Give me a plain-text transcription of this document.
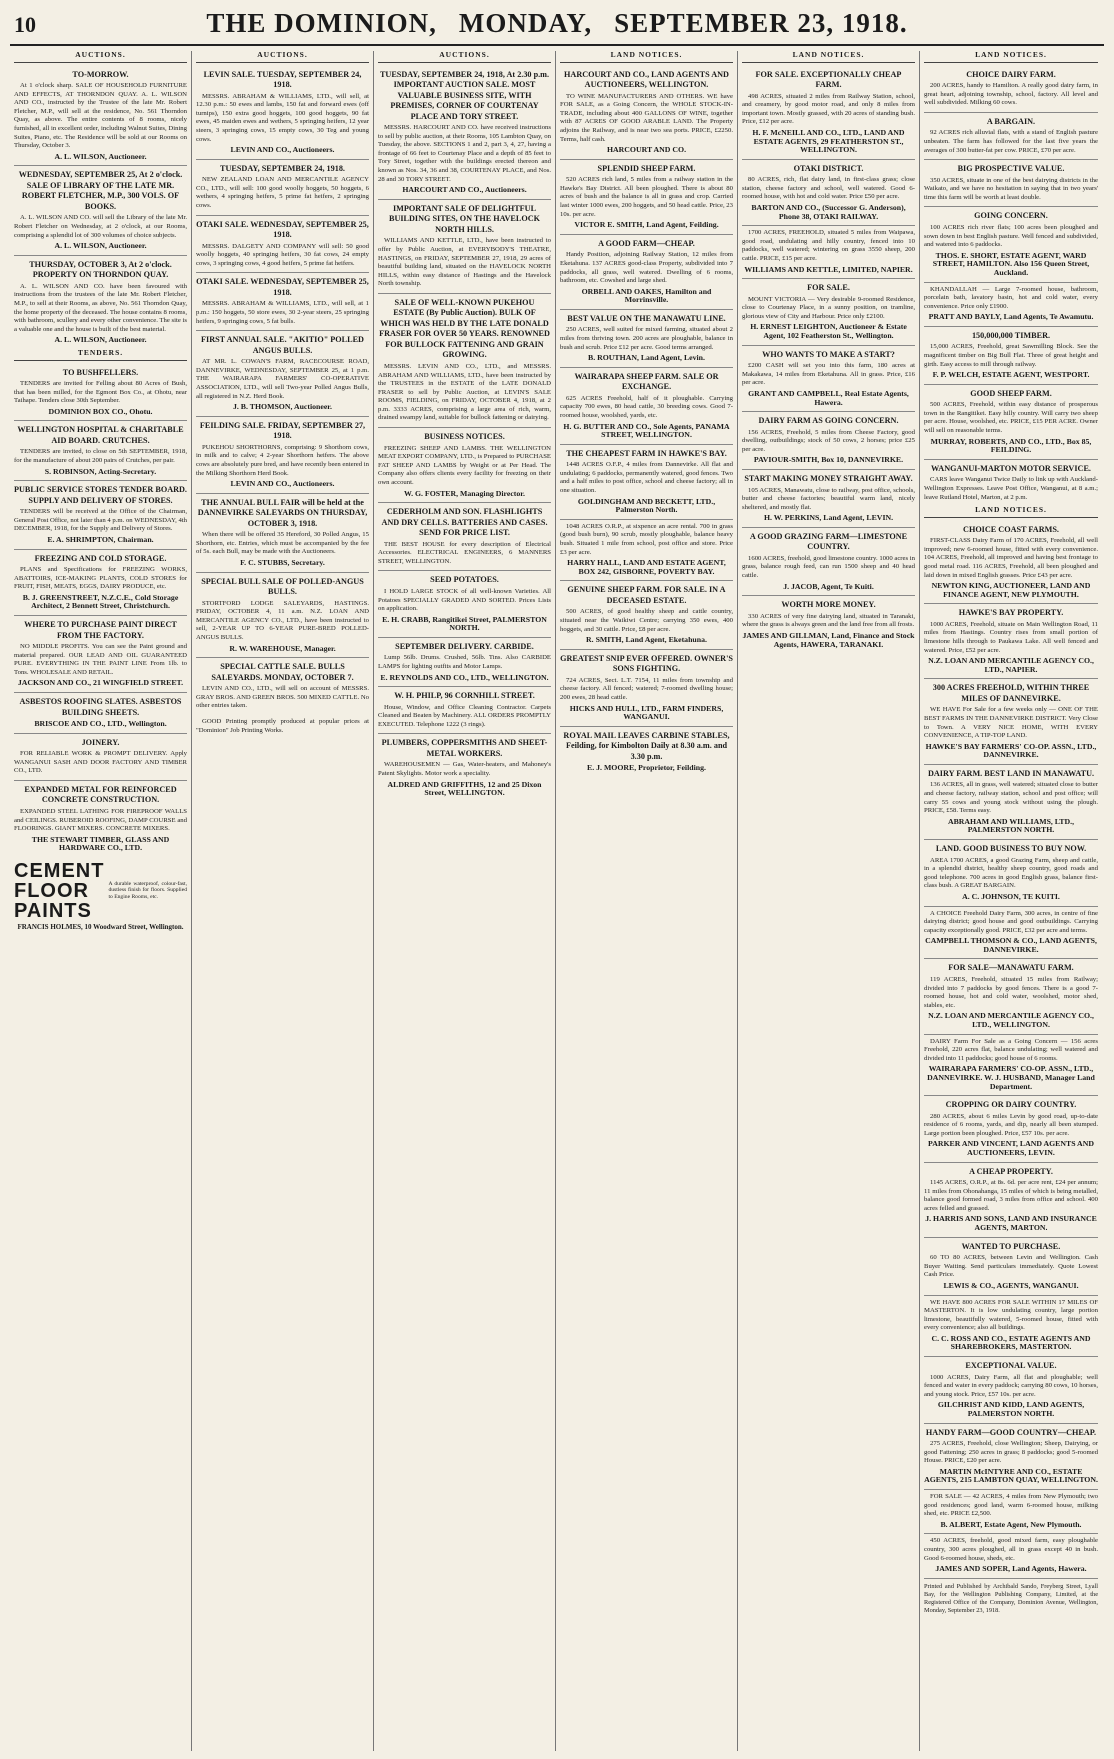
10	THE DOMINION, MONDAY, SEPTEMBER 23, 1918.
AUCTIONS.
TO-MORROW.
At 1 o'clock sharp. SALE OF HOUSEHOLD FURNITURE AND EFFECTS, AT THORNDON QUAY. A. L. WILSON AND CO., instructed by the Trustee of the late Mr. Robert Fletcher, M.P., will sell at the residence, No. 561 Thorndon Quay, as above. The entire contents of 8 rooms, nicely furnished, all in excellent order, including Walnut Suites, Dining Suites, Piano, etc. The Residence will be sold at our Rooms on Thursday, October 3.
A. L. WILSON, Auctioneer.
WEDNESDAY, SEPTEMBER 25, At 2 o'clock. SALE OF LIBRARY OF THE LATE MR. ROBERT FLETCHER, M.P., 300 VOLS. OF BOOKS.
A. L. WILSON AND CO. will sell the Library of the late Mr. Robert Fletcher on Wednesday, at 2 o'clock, at our Rooms, comprising a splendid lot of 300 volumes of choice subjects.
A. L. WILSON, Auctioneer.
THURSDAY, OCTOBER 3, At 2 o'clock. PROPERTY ON THORNDON QUAY.
A. L. WILSON AND CO. have been favoured with instructions from the trustees of the late Mr. Robert Fletcher, M.P., to sell at their Rooms, as above, No. 561 Thorndon Quay, the home property of the deceased. The house contains 8 rooms, with bathroom, scullery and every other convenience. The site is a valuable one and the house is built of the best material.
A. L. WILSON, Auctioneer.
TENDERS.
TO BUSHFELLERS.
TENDERS are invited for Felling about 80 Acres of Bush, that has been milled, for the Egmont Box Co., at Ohotu, near Taihape. Tenders close 30th September.
DOMINION BOX CO., Ohotu.
WELLINGTON HOSPITAL & CHARITABLE AID BOARD. CRUTCHES.
TENDERS are invited, to close on 5th SEPTEMBER, 1918, for the manufacture of about 200 pairs of Crutches, per pair.
S. ROBINSON, Acting-Secretary.
PUBLIC SERVICE STORES TENDER BOARD. SUPPLY AND DELIVERY OF STORES.
TENDERS will be received at the Office of the Chairman, General Post Office, not later than 4 p.m. on WEDNESDAY, 4th DECEMBER, 1918, for the Supply and Delivery of Stores.
E. A. SHRIMPTON, Chairman.
FREEZING AND COLD STORAGE.
PLANS and Specifications for FREEZING WORKS, ABATTOIRS, ICE-MAKING PLANTS, COLD STORES for FRUIT, FISH, MEATS, EGGS, DAIRY PRODUCE, etc.
B. J. GREENSTREET, N.Z.C.E., Cold Storage Architect, 2 Bennett Street, Christchurch.
WHERE TO PURCHASE PAINT DIRECT FROM THE FACTORY.
NO MIDDLE PROFITS. You can see the Paint ground and material prepared. OUR LEAD AND OIL GUARANTEED PURE. EVERYTHING IN THE PAINT LINE From 1lb. to Tons. WHOLESALE AND RETAIL.
JACKSON AND CO., 21 WINGFIELD STREET.
ASBESTOS ROOFING SLATES. ASBESTOS BUILDING SHEETS.
BRISCOE AND CO., LTD., Wellington.
JOINERY.
FOR RELIABLE WORK & PROMPT DELIVERY. Apply WANGANUI SASH AND DOOR FACTORY AND TIMBER CO., LTD.
EXPANDED METAL FOR REINFORCED CONCRETE CONSTRUCTION.
EXPANDED STEEL LATHING FOR FIREPROOF WALLS and CEILINGS. RUBEROID ROOFING, DAMP COURSE and FLOORINGS. GIANT MIXERS. CONCRETE MIXERS.
THE STEWART TIMBER, GLASS AND HARDWARE CO., LTD.
CEMENT
FLOOR
PAINTS
A durable waterproof, colour-fast, dustless finish for floors. Supplied to Engine Rooms, etc.
FRANCIS HOLMES, 10 Woodward Street, Wellington.
AUCTIONS.
LEVIN SALE. TUESDAY, SEPTEMBER 24, 1918.
MESSRS. ABRAHAM & WILLIAMS, LTD., will sell, at 12.30 p.m.: 50 ewes and lambs, 150 fat and forward ewes (off turnips), 150 extra good hoggets, 100 good hoggets, 90 fat ewes, 45 maiden ewes and wethers, 5 springing heifers, 12 year steers, 3 springing cows, 15 empty cows, 30 Teg and young cows.
LEVIN AND CO., Auctioneers.
TUESDAY, SEPTEMBER 24, 1918.
NEW ZEALAND LOAN AND MERCANTILE AGENCY CO., LTD., will sell: 100 good woolly hoggets, 50 hoggets, 6 wethers, 4 springing heifers, 5 prime fat heifers, 2 springing cows.
OTAKI SALE. WEDNESDAY, SEPTEMBER 25, 1918.
MESSRS. DALGETY AND COMPANY will sell: 50 good woolly hoggets, 40 springing heifers, 30 fat cows, 24 empty cows, 3 springing cows, 4 good heifers, 5 prime fat heifers.
OTAKI SALE. WEDNESDAY, SEPTEMBER 25, 1918.
MESSRS. ABRAHAM & WILLIAMS, LTD., will sell, at 1 p.m.: 150 hoggets, 50 store ewes, 30 2-year steers, 25 springing heifers, 9 springing cows, 5 fat bulls.
FIRST ANNUAL SALE. "AKITIO" POLLED ANGUS BULLS.
AT MR. L. COWAN'S FARM, RACECOURSE ROAD, DANNEVIRKE, WEDNESDAY, SEPTEMBER 25, at 1 p.m. THE WAIRARAPA FARMERS' CO-OPERATIVE ASSOCIATION, LTD., will sell Two-year Polled Angus Bulls, all registered in N.Z. Herd Book.
J. B. THOMSON, Auctioneer.
FEILDING SALE. FRIDAY, SEPTEMBER 27, 1918.
PUKEHOU SHORTHORNS, comprising: 9 Shorthorn cows, in milk and to calve; 4 2-year Shorthorn heifers. The above cows are absolutely pure bred, and have recently been entered in the Milking Shorthorn Herd Book.
LEVIN AND CO., Auctioneers.
THE ANNUAL BULL FAIR will be held at the DANNEVIRKE SALEYARDS ON THURSDAY, OCTOBER 3, 1918.
When there will be offered 35 Hereford, 30 Polled Angus, 15 Shorthorn, etc. Entries, which must be accompanied by the fee of 5s. each Bull, may be made with the Auctioneers.
F. C. STUBBS, Secretary.
SPECIAL BULL SALE OF POLLED-ANGUS BULLS.
STORTFORD LODGE SALEYARDS, HASTINGS. FRIDAY, OCTOBER 4, 11 a.m. N.Z. LOAN AND MERCANTILE AGENCY CO., LTD., have been instructed to sell, 2-YEAR UP TO 6-YEAR PURE-BRED POLLED-ANGUS BULLS.
R. W. WAREHOUSE, Manager.
SPECIAL CATTLE SALE. BULLS SALEYARDS. MONDAY, OCTOBER 7.
LEVIN AND CO., LTD., will sell on account of MESSRS. GRAY BROS. AND GREEN BROS. 500 MIXED CATTLE. No other entries taken.
GOOD Printing promptly produced at popular prices at "Dominion" Job Printing Works.
AUCTIONS.
TUESDAY, SEPTEMBER 24, 1918, At 2.30 p.m. IMPORTANT AUCTION SALE. MOST VALUABLE BUSINESS SITE, WITH PREMISES, CORNER OF COURTENAY PLACE AND TORY STREET.
MESSRS. HARCOURT AND CO. have received instructions to sell by public auction, at their Rooms, 105 Lambton Quay, on Tuesday, the above. SECTIONS 1 and 2, part 3, 4, 27, having a frontage of 66 feet to Courtenay Place and a depth of 85 feet to Tory Street, together with the buildings erected thereon and known as Nos. 34, 36 and 38, COURTENAY PLACE, and Nos. 28 and 30 TORY STREET.
HARCOURT AND CO., Auctioneers.
IMPORTANT SALE OF DELIGHTFUL BUILDING SITES, ON THE HAVELOCK NORTH HILLS.
WILLIAMS AND KETTLE, LTD., have been instructed to offer by Public Auction, at EVERYBODY'S THEATRE, HASTINGS, on FRIDAY, SEPTEMBER 27, 1918, 29 acres of beautiful building land, situated on the HAVELOCK NORTH HILLS, within easy distance of Hastings and the Havelock North township.
SALE OF WELL-KNOWN PUKEHOU ESTATE (By Public Auction). BULK OF WHICH WAS HELD BY THE LATE DONALD FRASER FOR OVER 50 YEARS. RENOWNED FOR BULLOCK FATTENING AND GRAIN GROWING.
MESSRS. LEVIN AND CO., LTD., and MESSRS. ABRAHAM AND WILLIAMS, LTD., have been instructed by the TRUSTEES in the ESTATE of the LATE DONALD FRASER to sell by Public Auction, at LEVIN'S SALE ROOMS, FIELDING, on FRIDAY, OCTOBER 4, 1918, at 2 p.m. 3333 ACRES, comprising a large area of rich, warm, drained swampy land, suitable for bullock fattening or dairying.
BUSINESS NOTICES.
FREEZING SHEEP AND LAMBS. THE WELLINGTON MEAT EXPORT COMPANY, LTD., is Prepared to PURCHASE FAT SHEEP AND LAMBS by Weight or at Per Head. The Company also offers clients every facility for freezing on their own account.
W. G. FOSTER, Managing Director.
CEDERHOLM AND SON. FLASHLIGHTS AND DRY CELLS. BATTERIES AND CASES. SEND FOR PRICE LIST.
THE BEST HOUSE for every description of Electrical Accessories. ELECTRICAL ENGINEERS, 6 MANNERS STREET, WELLINGTON.
SEED POTATOES.
I HOLD LARGE STOCK of all well-known Varieties. All Potatoes SPECIALLY GRADED AND SORTED. Prices Lists on application.
E. H. CRABB, Rangitikei Street, PALMERSTON NORTH.
SEPTEMBER DELIVERY. CARBIDE.
Lump 56lb. Drums. Crushed, 56lb. Tins. Also CARBIDE LAMPS for lighting outfits and Motor Lamps.
E. REYNOLDS AND CO., LTD., WELLINGTON.
W. H. PHILP, 96 CORNHILL STREET.
House, Window, and Office Cleaning Contractor. Carpets Cleaned and Beaten by Machinery. ALL ORDERS PROMPTLY EXECUTED. Telephone 1222 (3 rings).
PLUMBERS, COPPERSMITHS AND SHEET-METAL WORKERS.
WAREHOUSEMEN — Gas, Water-heaters, and Mahoney's Patent Skylights. Motor work a speciality.
ALDRED AND GRIFFITHS, 12 and 25 Dixon Street, WELLINGTON.
LAND NOTICES.
HARCOURT AND CO., LAND AGENTS AND AUCTIONEERS, WELLINGTON.
TO WINE MANUFACTURERS AND OTHERS. WE have FOR SALE, as a Going Concern, the WHOLE STOCK-IN-TRADE, including about 400 GALLONS OF WINE, together with 87 ACRES OF GOOD ARABLE LAND. The Property adjoins the Railway, and is near two sea ports. PRICE, £2250. Terms, half cash.
HARCOURT AND CO.
SPLENDID SHEEP FARM.
520 ACRES rich land, 5 miles from a railway station in the Hawke's Bay District. All been ploughed. There is about 80 acres of bush and the balance is all in grass and crop. Carried last winter 1000 ewes, 200 hoggets, and 50 head cattle. Price, 23 10s. per acre.
VICTOR E. SMITH, Land Agent, Feilding.
A GOOD FARM—CHEAP.
Handy Position, adjoining Railway Station, 12 miles from Eketahuna. 137 ACRES good-class Property, subdivided into 7 paddocks, all grass, well watered. Dwelling of 6 rooms, bathroom, etc. Cowshed and large shed.
ORBELL AND OAKES, Hamilton and Morrinsville.
BEST VALUE ON THE MANAWATU LINE.
250 ACRES, well suited for mixed farming, situated about 2 miles from thriving town. 200 acres are ploughable, balance in bush and scrub. Price £12 per acre. Good terms arranged.
B. ROUTHAN, Land Agent, Levin.
WAIRARAPA SHEEP FARM. SALE OR EXCHANGE.
625 ACRES Freehold, half of it ploughable. Carrying capacity 700 ewes, 80 head cattle, 30 breeding cows. Good 7-roomed house, woolshed, yards, etc.
H. G. BUTTER AND CO., Sole Agents, PANAMA STREET, WELLINGTON.
THE CHEAPEST FARM IN HAWKE'S BAY.
1448 ACRES O.F.P., 4 miles from Dannevirke. All flat and undulating; 6 paddocks, permanently watered, good fences. Two and a half miles to post office, school and cheese factory; all in one situation.
GOLDINGHAM AND BECKETT, LTD., Palmerston North.
1048 ACRES O.R.P., at sixpence an acre rental. 700 in grass (good bush burn), 90 scrub, mostly ploughable, balance heavy bush. Situated 1 mile from school, post office and store. Price £3 per acre.
HARRY HALL, LAND AND ESTATE AGENT, BOX 242, GISBORNE, POVERTY BAY.
GENUINE SHEEP FARM. FOR SALE. IN A DECEASED ESTATE.
500 ACRES, of good healthy sheep and cattle country, situated near the Waikiwi Centre; carrying 350 ewes, 400 hoggets, and 30 cattle. Price, £8 per acre.
R. SMITH, Land Agent, Eketahuna.
GREATEST SNIP EVER OFFERED. OWNER'S SONS FIGHTING.
724 ACRES, Sect. L.T. 7154, 11 miles from township and cheese factory. All fenced; watered; 7-roomed dwelling house; 200 ewes, 28 head cattle.
HICKS AND HULL, LTD., FARM FINDERS, WANGANUI.
ROYAL MAIL LEAVES CARBINE STABLES, Feilding, for Kimbolton Daily at 8.30 a.m. and 3.30 p.m.
E. J. MOORE, Proprietor, Feilding.
LAND NOTICES.
FOR SALE. EXCEPTIONALLY CHEAP FARM.
498 ACRES, situated 2 miles from Railway Station, school, and creamery, by good motor road, and only 8 miles from important town. Mostly grassed, with 20 acres of standing bush. Price, £12 per acre.
H. F. McNEILL AND CO., LTD., LAND AND ESTATE AGENTS, 29 FEATHERSTON ST., WELLINGTON.
OTAKI DISTRICT.
80 ACRES, rich, flat dairy land, in first-class grass; close station, cheese factory and school, well watered. Good 6-roomed house, with hot and cold water. Price £50 per acre.
BARTON AND CO., (Successor G. Anderson), Phone 38, OTAKI RAILWAY.
1700 ACRES, FREEHOLD, situated 5 miles from Waipawa, good road, undulating and hilly country, fenced into 10 paddocks, well watered; wintering on grass 3550 sheep, 200 cattle. PRICE, £15 per acre.
WILLIAMS AND KETTLE, LIMITED, NAPIER.
FOR SALE.
MOUNT VICTORIA — Very desirable 9-roomed Residence, close to Courtenay Place, in a sunny position, on tramline, glorious view of City and Harbour. Price only £2100.
H. ERNEST LEIGHTON, Auctioneer & Estate Agent, 102 Featherston St., Wellington.
WHO WANTS TO MAKE A START?
£200 CASH will set you into this farm, 180 acres at Makakawa, 14 miles from Eketahuna. All in grass. Price, £16 per acre.
GRANT AND CAMPBELL, Real Estate Agents, Hawera.
DAIRY FARM AS GOING CONCERN.
156 ACRES, Freehold, 5 miles from Cheese Factory, good dwelling, outbuildings; stock of 50 cows, 2 horses; price £25 per acre.
PAVIOUR-SMITH, Box 10, DANNEVIRKE.
START MAKING MONEY STRAIGHT AWAY.
105 ACRES, Manawatu, close to railway, post office, schools, butter and cheese factories; beautiful warm land, nicely sheltered, and mostly flat.
H. W. PERKINS, Land Agent, LEVIN.
A GOOD GRAZING FARM—LIMESTONE COUNTRY.
1600 ACRES, freehold, good limestone country. 1000 acres in grass, balance rough feed, can run 1500 sheep and 40 head cattle.
J. JACOB, Agent, Te Kuiti.
WORTH MORE MONEY.
330 ACRES of very fine dairying land, situated in Taranaki, where the grass is always green and the land free from all frosts.
JAMES AND GILLMAN, Land, Finance and Stock Agents, HAWERA, TARANAKI.
LAND NOTICES.
CHOICE DAIRY FARM.
200 ACRES, handy to Hamilton. A really good dairy farm, in great heart, adjoining township, school, factory. All level and well subdivided. Milking 60 cows.
A BARGAIN.
92 ACRES rich alluvial flats, with a stand of English pasture unbeaten. The farm has followed for the last five years the averages of 300 butter-fat per cow. PRICE, £70 per acre.
BIG PROSPECTIVE VALUE.
350 ACRES, situate in one of the best dairying districts in the Waikato, and we have no hesitation in saying that in two years' time this farm will be worth at least double.
GOING CONCERN.
100 ACRES rich river flats; 100 acres been ploughed and sown down in best English pasture. Well fenced and subdivided, and watered into 6 paddocks.
THOS. E. SHORT, ESTATE AGENT, WARD STREET, HAMILTON. Also 156 Queen Street, Auckland.
KHANDALLAH — Large 7-roomed house, bathroom, porcelain bath, lavatory basin, hot and cold water, every convenience. Price only £1900.
PRATT AND BAYLY, Land Agents, Te Awamutu.
150,000,000 TIMBER.
15,000 ACRES, Freehold, great Sawmilling Block. See the magnificent timber on Big Bull Flat. Three of great height and girth. Easy access to mill through railway.
F. P. WELCH, ESTATE AGENT, WESTPORT.
GOOD SHEEP FARM.
500 ACRES, Freehold, within easy distance of prosperous town in the Rangitikei. Easy hilly country. Will carry two sheep per acre. House, woolshed, etc. PRICE, £15 PER ACRE. Owner will sell on reasonable terms.
MURRAY, ROBERTS, AND CO., LTD., Box 85, FEILDING.
WANGANUI-MARTON MOTOR SERVICE.
CARS leave Wanganui Twice Daily to link up with Auckland-Wellington Expresses. Leave Post Office, Wanganui, at 8 a.m.; leave Rutland Hotel, Marton, at 2 p.m.
LAND NOTICES.
CHOICE COAST FARMS.
FIRST-CLASS Dairy Farm of 170 ACRES, Freehold, all well improved; new 6-roomed house, fitted with every convenience. 104 ACRES, Freehold, all improved and having best frontage to good metal road. 116 ACRES, Freehold, all been ploughed and laid down in mixed English grasses. Price £43 per acre.
NEWTON KING, AUCTIONEER, LAND AND FINANCE AGENT, NEW PLYMOUTH.
HAWKE'S BAY PROPERTY.
1000 ACRES, Freehold, situate on Main Wellington Road, 11 miles from Hastings. Country rises from small portion of limestone hills through to Paukawa Lake. All well fenced and watered. Price, £52 per acre.
N.Z. LOAN AND MERCANTILE AGENCY CO., LTD., NAPIER.
300 ACRES FREEHOLD, WITHIN THREE MILES OF DANNEVIRKE.
WE HAVE For Sale for a few weeks only — ONE OF THE BEST FARMS IN THE DANNEVIRKE DISTRICT. Very Close to Town. A VERY NICE HOME, WITH EVERY CONVENIENCE, A TIP-TOP LAND.
HAWKE'S BAY FARMERS' CO-OP. ASSN., LTD., DANNEVIRKE.
DAIRY FARM. BEST LAND IN MANAWATU.
136 ACRES, all in grass, well watered; situated close to butter and cheese factory, railway station, school and post office; will carry 55 cows and young stock without using the plough. PRICE, £58. Terms easy.
ABRAHAM AND WILLIAMS, LTD., PALMERSTON NORTH.
LAND. GOOD BUSINESS TO BUY NOW.
AREA 1700 ACRES, a good Grazing Farm, sheep and cattle, in a splendid district, healthy sheep country, good roads and good telephone. 700 acres in good English grass, balance first-class bush. A GREAT BARGAIN.
A. C. JOHNSON, TE KUITI.
A CHOICE Freehold Dairy Farm, 300 acres, in centre of fine dairying district; good house and good outbuildings. Carrying capacity exceptionally good. PRICE, £32 per acre and terms.
CAMPBELL THOMSON & CO., LAND AGENTS, DANNEVIRKE.
FOR SALE—MANAWATU FARM.
119 ACRES, Freehold, situated 15 miles from Railway; divided into 7 paddocks by good fences. There is a good 7-roomed house, hot and cold water, woolshed, motor shed, stables, etc.
N.Z. LOAN AND MERCANTILE AGENCY CO., LTD., WELLINGTON.
DAIRY Farm For Sale as a Going Concern — 156 acres Freehold, 220 acres flat, balance undulating; well watered and divided into 11 paddocks; good house of 6 rooms.
WAIRARAPA FARMERS' CO-OP. ASSN., LTD., DANNEVIRKE. W. J. HUSBAND, Manager Land Department.
CROPPING OR DAIRY COUNTRY.
280 ACRES, about 6 miles Levin by good road, up-to-date residence of 6 rooms, yards, and dip, nearly all been stumped. Large portion been ploughed. Price, £57 10s. per acre.
PARKER AND VINCENT, LAND AGENTS AND AUCTIONEERS, LEVIN.
A CHEAP PROPERTY.
1145 ACRES, O.R.P., at 8s. 6d. per acre rent, £24 per annum; 11 miles from Ohonahanga, 15 miles of which is being metalled, balance good formed road, 3 miles from office and school. 400 acres felled and grassed.
J. HARRIS AND SONS, LAND AND INSURANCE AGENTS, MARTON.
WANTED TO PURCHASE.
60 TO 80 ACRES, between Levin and Wellington. Cash Buyer Waiting. Send particulars immediately. Quote Lowest Cash Price.
LEWIS & CO., AGENTS, WANGANUI.
WE HAVE 800 ACRES FOR SALE WITHIN 17 MILES OF MASTERTON. It is low undulating country, large portion limestone, beautifully watered, 5-roomed house, fitted with every convenience; also all buildings.
C. C. ROSS AND CO., ESTATE AGENTS AND SHAREBROKERS, MASTERTON.
EXCEPTIONAL VALUE.
1000 ACRES, Dairy Farm, all flat and ploughable; well fenced and water in every paddock; carrying 80 cows, 10 horses, and young stock. Price, £57 10s. per acre.
GILCHRIST AND KIDD, LAND AGENTS, PALMERSTON NORTH.
HANDY FARM—GOOD COUNTRY—CHEAP.
275 ACRES, Freehold, close Wellington; Sheep, Dairying, or good Fattening; 250 acres in grass; 8 paddocks; good 5-roomed House. PRICE, £20 per acre.
MARTIN McINTYRE AND CO., ESTATE AGENTS, 215 LAMBTON QUAY, WELLINGTON.
FOR SALE — 42 ACRES, 4 miles from New Plymouth; two good residences; good land, warm 6-roomed house, milking shed, etc. PRICE £2,500.
B. ALBERT, Estate Agent, New Plymouth.
450 ACRES, freehold, good mixed farm, easy ploughable country, 300 acres ploughed, all in grass except 40 in bush. Good 6-roomed house, sheds, etc.
JAMES AND SOPER, Land Agents, Hawera.
Printed and Published by Archibald Sando, Freyberg Street, Lyall Bay, for the Wellington Publishing Company, Limited, at the Registered Office of the Company, Dominion Avenue, Wellington, Monday, September 23, 1918.
